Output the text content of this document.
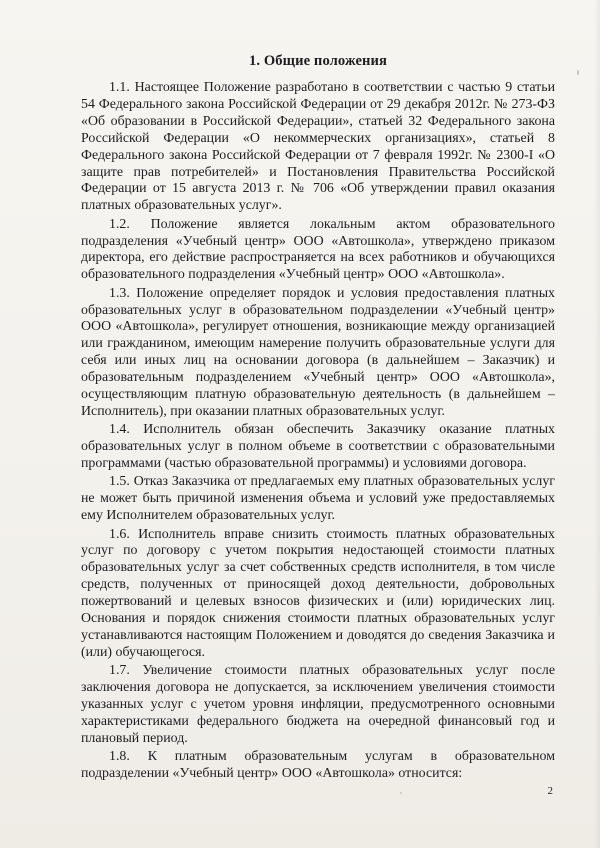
1. Общие положения

1.1. Настоящее Положение разработано в соответствии с частью 9 статьи 54 Федерального закона Российской Федерации от 29 декабря 2012г. № 273-ФЗ «Об образовании в Российской Федерации», статьей 32 Федерального закона Российской Федерации «О некоммерческих организациях», статьей 8 Федерального закона Российской Федерации от 7 февраля 1992г. № 2300-I «О защите прав потребителей» и Постановления Правительства Российской Федерации от 15 августа 2013 г. № 706 «Об утверждении правил оказания платных образовательных услуг».

1.2. Положение является локальным актом образовательного подразделения «Учебный центр» ООО «Автошкола», утверждено приказом директора, его действие распространяется на всех работников и обучающихся образовательного подразделения «Учебный центр» ООО «Автошкола».

1.3. Положение определяет порядок и условия предоставления платных образовательных услуг в образовательном подразделении «Учебный центр» ООО «Автошкола», регулирует отношения, возникающие между организацией или гражданином, имеющим намерение получить образовательные услуги для себя или иных лиц на основании договора (в дальнейшем – Заказчик) и образовательным подразделением «Учебный центр» ООО «Автошкола», осуществляющим платную образовательную деятельность (в дальнейшем – Исполнитель), при оказании платных образовательных услуг.

1.4. Исполнитель обязан обеспечить Заказчику оказание платных образовательных услуг в полном объеме в соответствии с образовательными программами (частью образовательной программы) и условиями договора.

1.5. Отказ Заказчика от предлагаемых ему платных образовательных услуг не может быть причиной изменения объема и условий уже предоставляемых ему Исполнителем образовательных услуг.

1.6. Исполнитель вправе снизить стоимость платных образовательных услуг по договору с учетом покрытия недостающей стоимости платных образовательных услуг за счет собственных средств исполнителя, в том числе средств, полученных от приносящей доход деятельности, добровольных пожертвований и целевых взносов физических и (или) юридических лиц. Основания и порядок снижения стоимости платных образовательных услуг устанавливаются настоящим Положением и доводятся до сведения Заказчика и (или) обучающегося.

1.7. Увеличение стоимости платных образовательных услуг после заключения договора не допускается, за исключением увеличения стоимости указанных услуг с учетом уровня инфляции, предусмотренного основными характеристиками федерального бюджета на очередной финансовый год и плановый период.

1.8. К платным образовательным услугам в образовательном подразделении «Учебный центр» ООО «Автошкола» относится:

2
